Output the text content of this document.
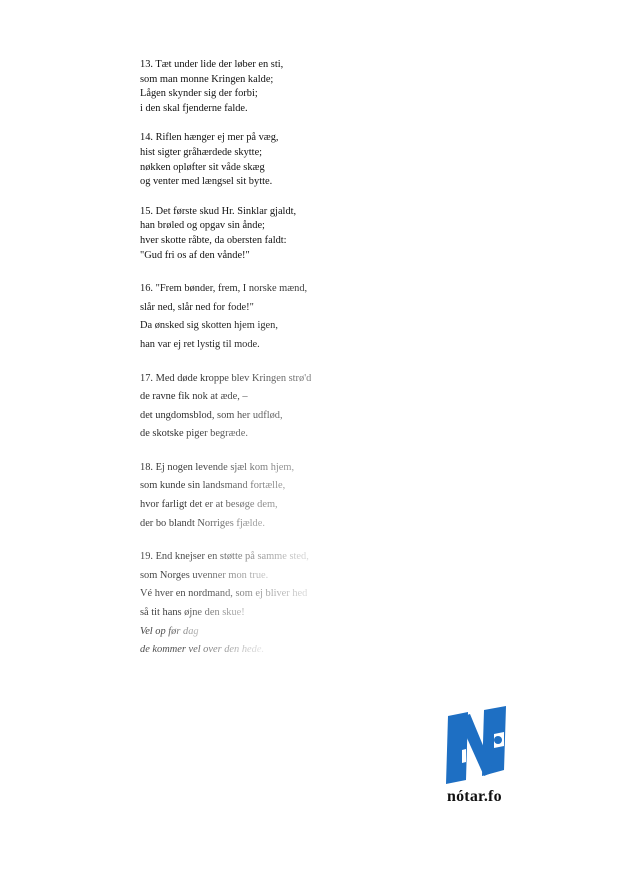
13. Tæt under lide der løber en sti,
som man monne Kringen kalde;
Lågen skynder sig der forbi;
i den skal fjenderne falde.
14. Riflen hænger ej mer på væg,
hist sigter gråhærdede skytte;
nøkken opløfter sit våde skæg
og venter med længsel sit bytte.
15. Det første skud Hr. Sinklar gjaldt,
han brøled og opgav sin ånde;
hver skotte råbte, da obersten faldt:
"Gud fri os af den vånde!"
16. "Frem bønder, frem, I norske mænd,
slår ned, slår ned for fode!"
Da ønsked sig skotten hjem igen,
han var ej ret lystig til mode.
17. Med døde kroppe blev Kringen strø'd
de ravne fik nok at æde, –
det ungdomsblod, som her udflød,
de skotske piger begræde.
18. Ej nogen levende sjæl kom hjem,
som kunde sin landsmand fortælle,
hvor farligt det er at besøge dem,
der bo blandt Norriges fjælde.
19. End knejser en støtte på samme sted,
som Norges uvenner mon true.
Vé hver en nordmand, som ej bliver hed
så tit hans øjne den skue!
Vel op før dag
de kommer vel over den hede.
nótar.fo
